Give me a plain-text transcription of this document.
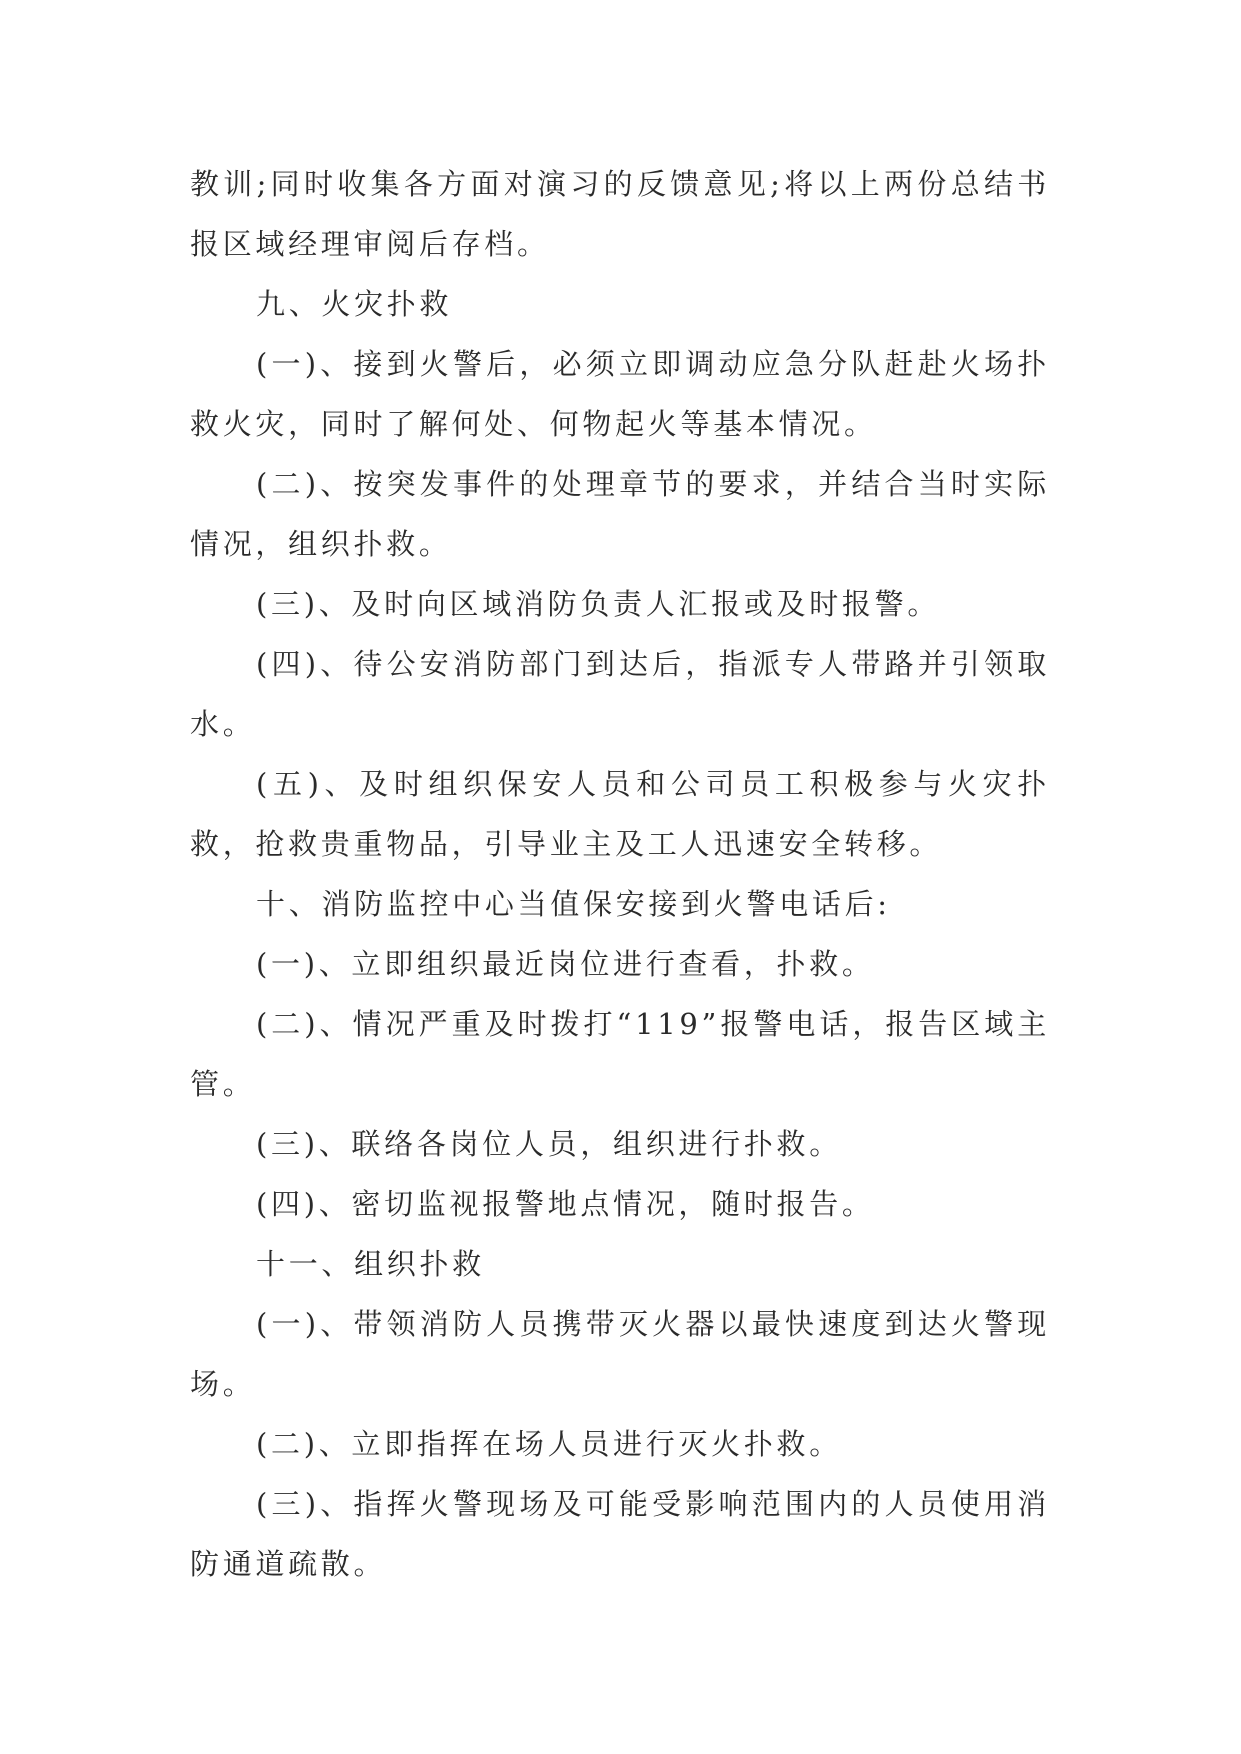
教训;同时收集各方面对演习的反馈意见;将以上两份总结书报区域经理审阅后存档。

九、火灾扑救

(一)、接到火警后，必须立即调动应急分队赶赴火场扑救火灾，同时了解何处、何物起火等基本情况。

(二)、按突发事件的处理章节的要求，并结合当时实际情况，组织扑救。

(三)、及时向区域消防负责人汇报或及时报警。

(四)、待公安消防部门到达后，指派专人带路并引领取水。

(五)、及时组织保安人员和公司员工积极参与火灾扑救，抢救贵重物品，引导业主及工人迅速安全转移。

十、消防监控中心当值保安接到火警电话后:

(一)、立即组织最近岗位进行查看，扑救。

(二)、情况严重及时拨打“119”报警电话，报告区域主管。

(三)、联络各岗位人员，组织进行扑救。

(四)、密切监视报警地点情况，随时报告。

十一、组织扑救

(一)、带领消防人员携带灭火器以最快速度到达火警现场。

(二)、立即指挥在场人员进行灭火扑救。

(三)、指挥火警现场及可能受影响范围内的人员使用消防通道疏散。
